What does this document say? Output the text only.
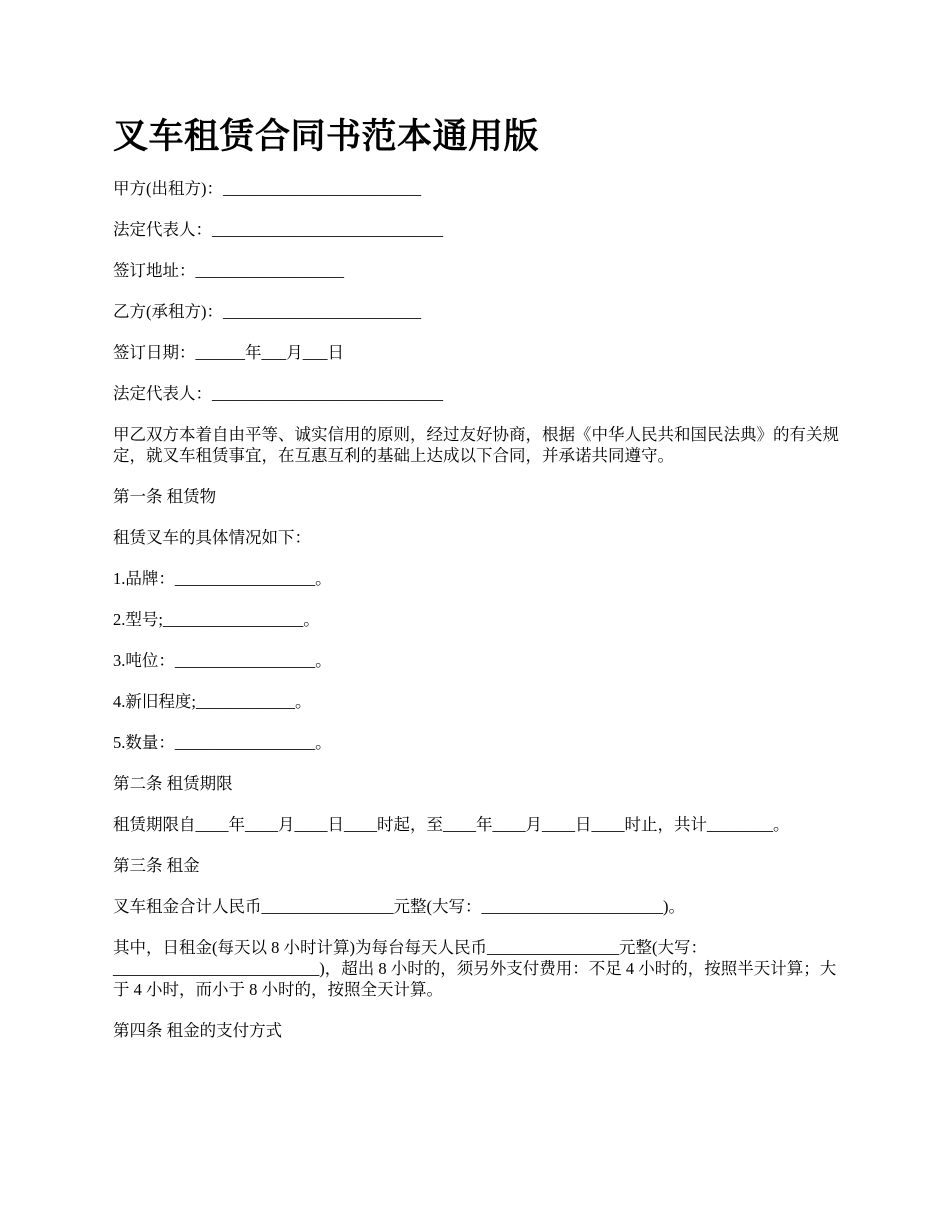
叉车租赁合同书范本通用版

甲方(出租方)：________________________

法定代表人：____________________________

签订地址：__________________

乙方(承租方)：________________________

签订日期：______年___月___日

法定代表人：____________________________

甲乙双方本着自由平等、诚实信用的原则，经过友好协商，根据《中华人民共和国民法典》的有关规定，就叉车租赁事宜，在互惠互利的基础上达成以下合同，并承诺共同遵守。

第一条 租赁物

租赁叉车的具体情况如下：

1.品牌：_________________。

2.型号;_________________。

3.吨位：_________________。

4.新旧程度;____________。

5.数量：_________________。

第二条 租赁期限

租赁期限自____年____月____日____时起，至____年____月____日____时止，共计________。

第三条 租金

叉车租金合计人民币________________元整(大写：______________________)。

其中，日租金(每天以 8 小时计算)为每台每天人民币________________元整(大写：_________________________)，超出 8 小时的，须另外支付费用：不足 4 小时的，按照半天计算；大于 4 小时，而小于 8 小时的，按照全天计算。

第四条 租金的支付方式
